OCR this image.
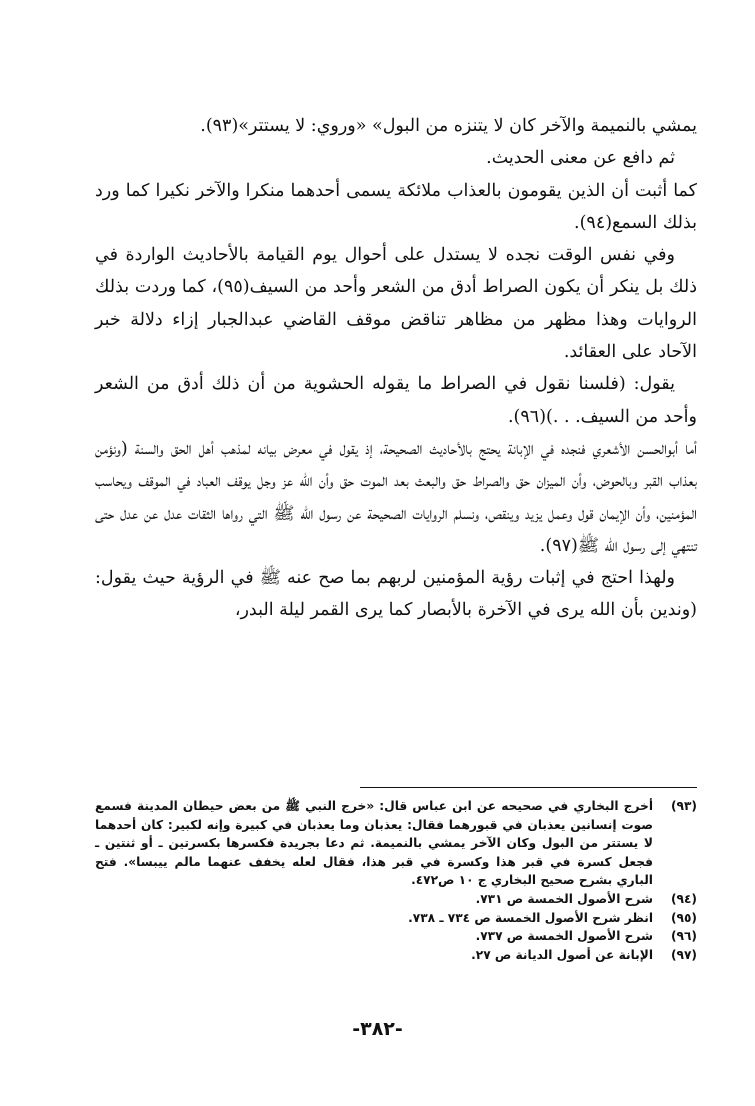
يمشي بالنميمة والآخر كان لا يتنزه من البول» «وروي: لا يستتر»(٩٣).

ثم دافع عن معنى الحديث.

كما أثبت أن الذين يقومون بالعذاب ملائكة يسمى أحدهما منكرا والآخر نكيرا كما ورد بذلك السمع(٩٤).

وفي نفس الوقت نجده لا يستدل على أحوال يوم القيامة بالأحاديث الواردة في ذلك بل ينكر أن يكون الصراط أدق من الشعر وأحد من السيف(٩٥)، كما وردت بذلك الروايات وهذا مظهر من مظاهر تناقض موقف القاضي عبدالجبار إزاء دلالة خبر الآحاد على العقائد.

يقول: (فلسنا نقول في الصراط ما يقوله الحشوية من أن ذلك أدق من الشعر وأحد من السيف. . .)(٩٦).

أما أبوالحسن الأشعري فنجده في الإبانة يحتج بالأحاديث الصحيحة، إذ يقول في معرض بيانه لمذهب أهل الحق والسنة (ونؤمن بعذاب القبر وبالحوض، وأن الميزان حق والصراط حق والبعث بعد الموت حق وأن الله عز وجل يوقف العباد في الموقف ويحاسب المؤمنين، وأن الإيمان قول وعمل يزيد وينقص، ونسلم الروايات الصحيحة عن رسول الله ﷺ التي رواها الثقات عدل عن عدل حتى تنتهي إلى رسول الله ﷺ(٩٧).

ولهذا احتج في إثبات رؤية المؤمنين لربهم بما صح عنه ﷺ في الرؤية حيث يقول: (وندين بأن الله يرى في الآخرة بالأبصار كما يرى القمر ليلة البدر،

(٩٣)
أخرج البخاري في صحيحه عن ابن عباس قال: «خرج النبي ﷺ من بعض حيطان المدينة فسمع صوت إنسانين يعذبان في قبورهما فقال: يعذبان وما يعذبان في كبيرة وإنه لكبير: كان أحدهما لا يستتر من البول وكان الآخر يمشي بالنميمة. ثم دعا بجريدة فكسرها بكسرتين ـ أو ثنتين ـ فجعل كسرة في قبر هذا وكسرة في قبر هذا، فقال لعله يخفف عنهما مالم ييبسا». فتح الباري بشرح صحيح البخاري ج ١٠ ص٤٧٢.
(٩٤)
شرح الأصول الخمسة ص ٧٣١.
(٩٥)
انظر شرح الأصول الخمسة ص ٧٣٤ ـ ٧٣٨.
(٩٦)
شرح الأصول الخمسة ص ٧٣٧.
(٩٧)
الإبانة عن أصول الديانة ص ٢٧.
-٣٨٢-
